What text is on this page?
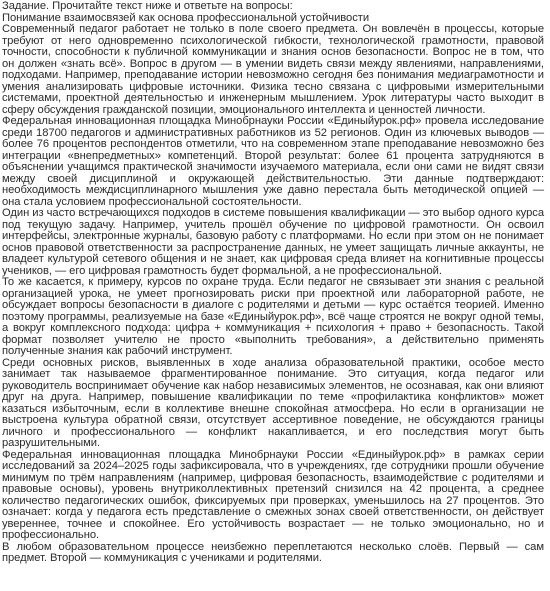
Задание. Прочитайте текст ниже и ответьте на вопросы:
Понимание взаимосвязей как основа профессиональной устойчивости
Современный педагог работает не только в поле своего предмета. Он вовлечён в процессы, которые требуют от него одновременно психологической гибкости, технологической грамотности, правовой точности, способности к публичной коммуникации и знания основ безопасности. Вопрос не в том, что он должен «знать всё». Вопрос в другом — в умении видеть связи между явлениями, направлениями, подходами. Например, преподавание истории невозможно сегодня без понимания медиаграмотности и умения анализировать цифровые источники. Физика тесно связана с цифровыми измерительными системами, проектной деятельностью и инженерным мышлением. Урок литературы часто выходит в сферу обсуждения гражданской позиции, эмоционального интеллекта и ценностей личности.
Федеральная инновационная площадка Минобрнауки России «Единыйурок.рф» провела исследование среди 18700 педагогов и административных работников из 52 регионов. Один из ключевых выводов — более 76 процентов респондентов отметили, что на современном этапе преподавание невозможно без интеграции «внепредметных» компетенций. Второй результат: более 61 процента затрудняются в объяснении учащимся практической значимости изучаемого материала, если они сами не видят связи между своей дисциплиной и окружающей действительностью. Эти данные подтверждают: необходимость междисциплинарного мышления уже давно перестала быть методической опцией — она стала условием профессиональной состоятельности.
Один из часто встречающихся подходов в системе повышения квалификации — это выбор одного курса под текущую задачу. Например, учитель прошёл обучение по цифровой грамотности. Он освоил интерфейсы, электронные журналы, базовую работу с платформами. Но если при этом он не понимает основ правовой ответственности за распространение данных, не умеет защищать личные аккаунты, не владеет культурой сетевого общения и не знает, как цифровая среда влияет на когнитивные процессы учеников, — его цифровая грамотность будет формальной, а не профессиональной.
То же касается, к примеру, курсов по охране труда. Если педагог не связывает эти знания с реальной организацией урока, не умеет прогнозировать риски при проектной или лабораторной работе, не обсуждает вопросы безопасности в диалоге с родителями и детьми — курс остаётся теорией. Именно поэтому программы, реализуемые на базе «Единыйурок.рф», всё чаще строятся не вокруг одной темы, а вокруг комплексного подхода: цифра + коммуникация + психология + право + безопасность. Такой формат позволяет учителю не просто «выполнить требования», а действительно применять полученные знания как рабочий инструмент.
Среди основных рисков, выявленных в ходе анализа образовательной практики, особое место занимает так называемое фрагментированное понимание. Это ситуация, когда педагог или руководитель воспринимает обучение как набор независимых элементов, не осознавая, как они влияют друг на друга. Например, повышение квалификации по теме «профилактика конфликтов» может казаться избыточным, если в коллективе внешне спокойная атмосфера. Но если в организации не выстроена культура обратной связи, отсутствует ассертивное поведение, не обсуждаются границы личного и профессионального — конфликт накапливается, и его последствия могут быть разрушительными.
Федеральная инновационная площадка Минобрнауки России «Единыйурок.рф» в рамках серии исследований за 2024–2025 годы зафиксировала, что в учреждениях, где сотрудники прошли обучение минимум по трём направлениям (например, цифровая безопасность, взаимодействие с родителями и правовые основы), уровень внутриколлективных претензий снизился на 42 процента, а среднее количество педагогических ошибок, фиксируемых при проверках, уменьшилось на 27 процентов. Это означает: когда у педагога есть представление о смежных зонах своей ответственности, он действует увереннее, точнее и спокойнее. Его устойчивость возрастает — не только эмоционально, но и профессионально.
В любом образовательном процессе неизбежно переплетаются несколько слоёв. Первый — сам предмет. Второй — коммуникация с учениками и родителями.
